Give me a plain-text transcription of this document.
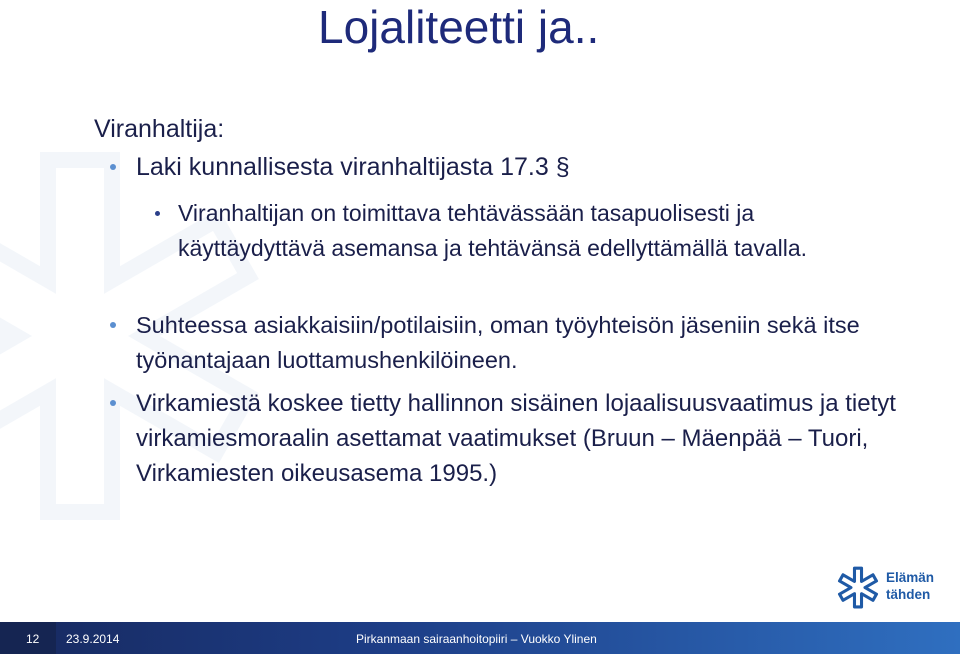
Lojaliteetti ja..
Viranhaltija:
Laki kunnallisesta viranhaltijasta 17.3 §
Viranhaltijan on toimittava tehtävässään tasapuolisesti ja käyttäydyttävä asemansa ja tehtävänsä edellyttämällä tavalla.
Suhteessa asiakkaisiin/potilaisiin, oman työyhteisön jäseniin sekä itse työnantajaan luottamushenkilöineen.
Virkamiestä koskee tietty hallinnon sisäinen lojaalisuusvaatimus ja tietyt virkamiesmoraalin asettamat vaatimukset (Bruun – Mäenpää – Tuori, Virkamiesten oikeusasema 1995.)
Elämän
tähden
12 23.9.2014	Pirkanmaan sairaanhoitopiiri – Vuokko Ylinen
